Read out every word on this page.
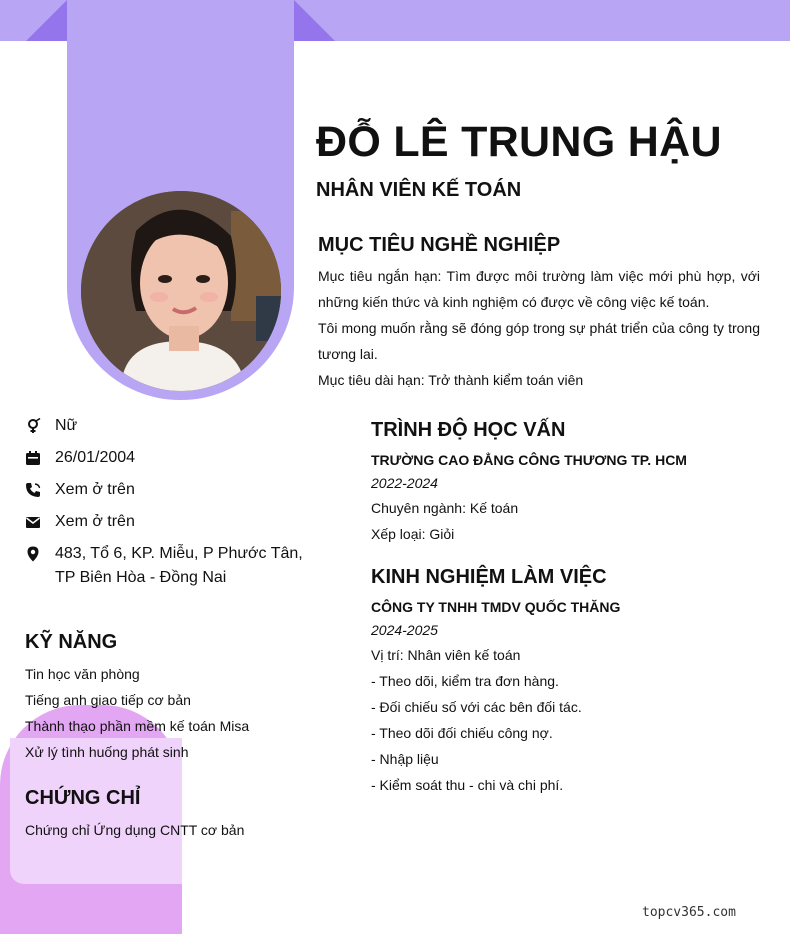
ĐỖ LÊ TRUNG HẬU
NHÂN VIÊN KẾ TOÁN
MỤC TIÊU NGHỀ NGHIỆP
Mục tiêu ngắn hạn: Tìm được môi trường làm việc mới phù hợp, với những kiến thức và kinh nghiệm có được về công việc kế toán.
Tôi mong muốn rằng sẽ đóng góp trong sự phát triển của công ty trong tương lai.
Mục tiêu dài hạn: Trở thành kiểm toán viên
Nữ
26/01/2004
Xem ở trên
Xem ở trên
483, Tổ 6, KP. Miễu, P Phước Tân, TP Biên Hòa - Đồng Nai
KỸ NĂNG
Tin học văn phòng
Tiếng anh giao tiếp cơ bản
Thành thạo phần mềm kế toán Misa
Xử lý tình huống phát sinh
CHỨNG CHỈ
Chứng chỉ Ứng dụng CNTT cơ bản
TRÌNH ĐỘ HỌC VẤN
TRƯỜNG CAO ĐẲNG CÔNG THƯƠNG TP. HCM
2022-2024
Chuyên ngành: Kế toán
Xếp loại: Giỏi
KINH NGHIỆM LÀM VIỆC
CÔNG TY TNHH TMDV QUỐC THĂNG
2024-2025
Vị trí: Nhân viên kế toán
- Theo dõi, kiểm tra đơn hàng.
- Đối chiếu số với các bên đối tác.
- Theo dõi đối chiếu công nợ.
- Nhập liệu
- Kiểm soát thu - chi và chi phí.
topcv365.com
